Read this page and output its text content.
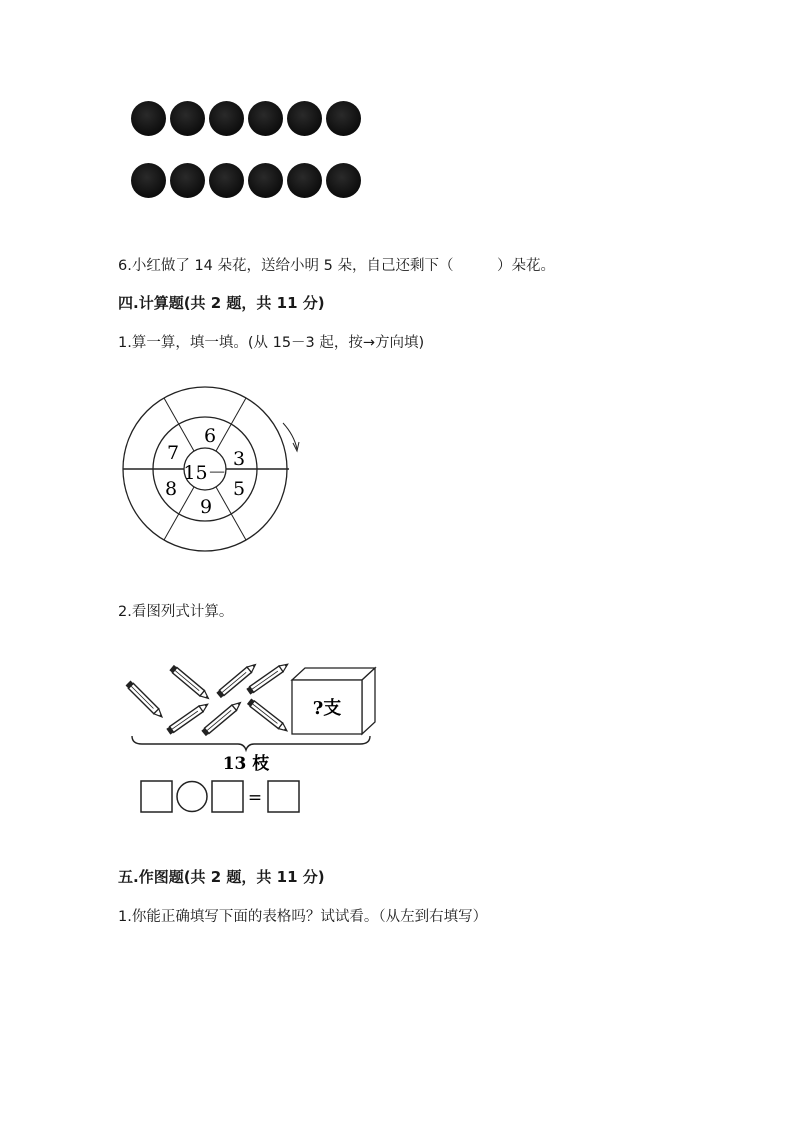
6.小红做了 14 朵花，送给小明 5 朵，自己还剩下（　　　）朵花。
四.计算题(共 2 题，共 11 分)
1.算一算，填一填。(从 15－3 起，按→方向填)
15－
6
3
5
9
8
7
2.看图列式计算。
?支
13 枝
=
五.作图题(共 2 题，共 11 分)
1.你能正确填写下面的表格吗？试试看。（从左到右填写）
